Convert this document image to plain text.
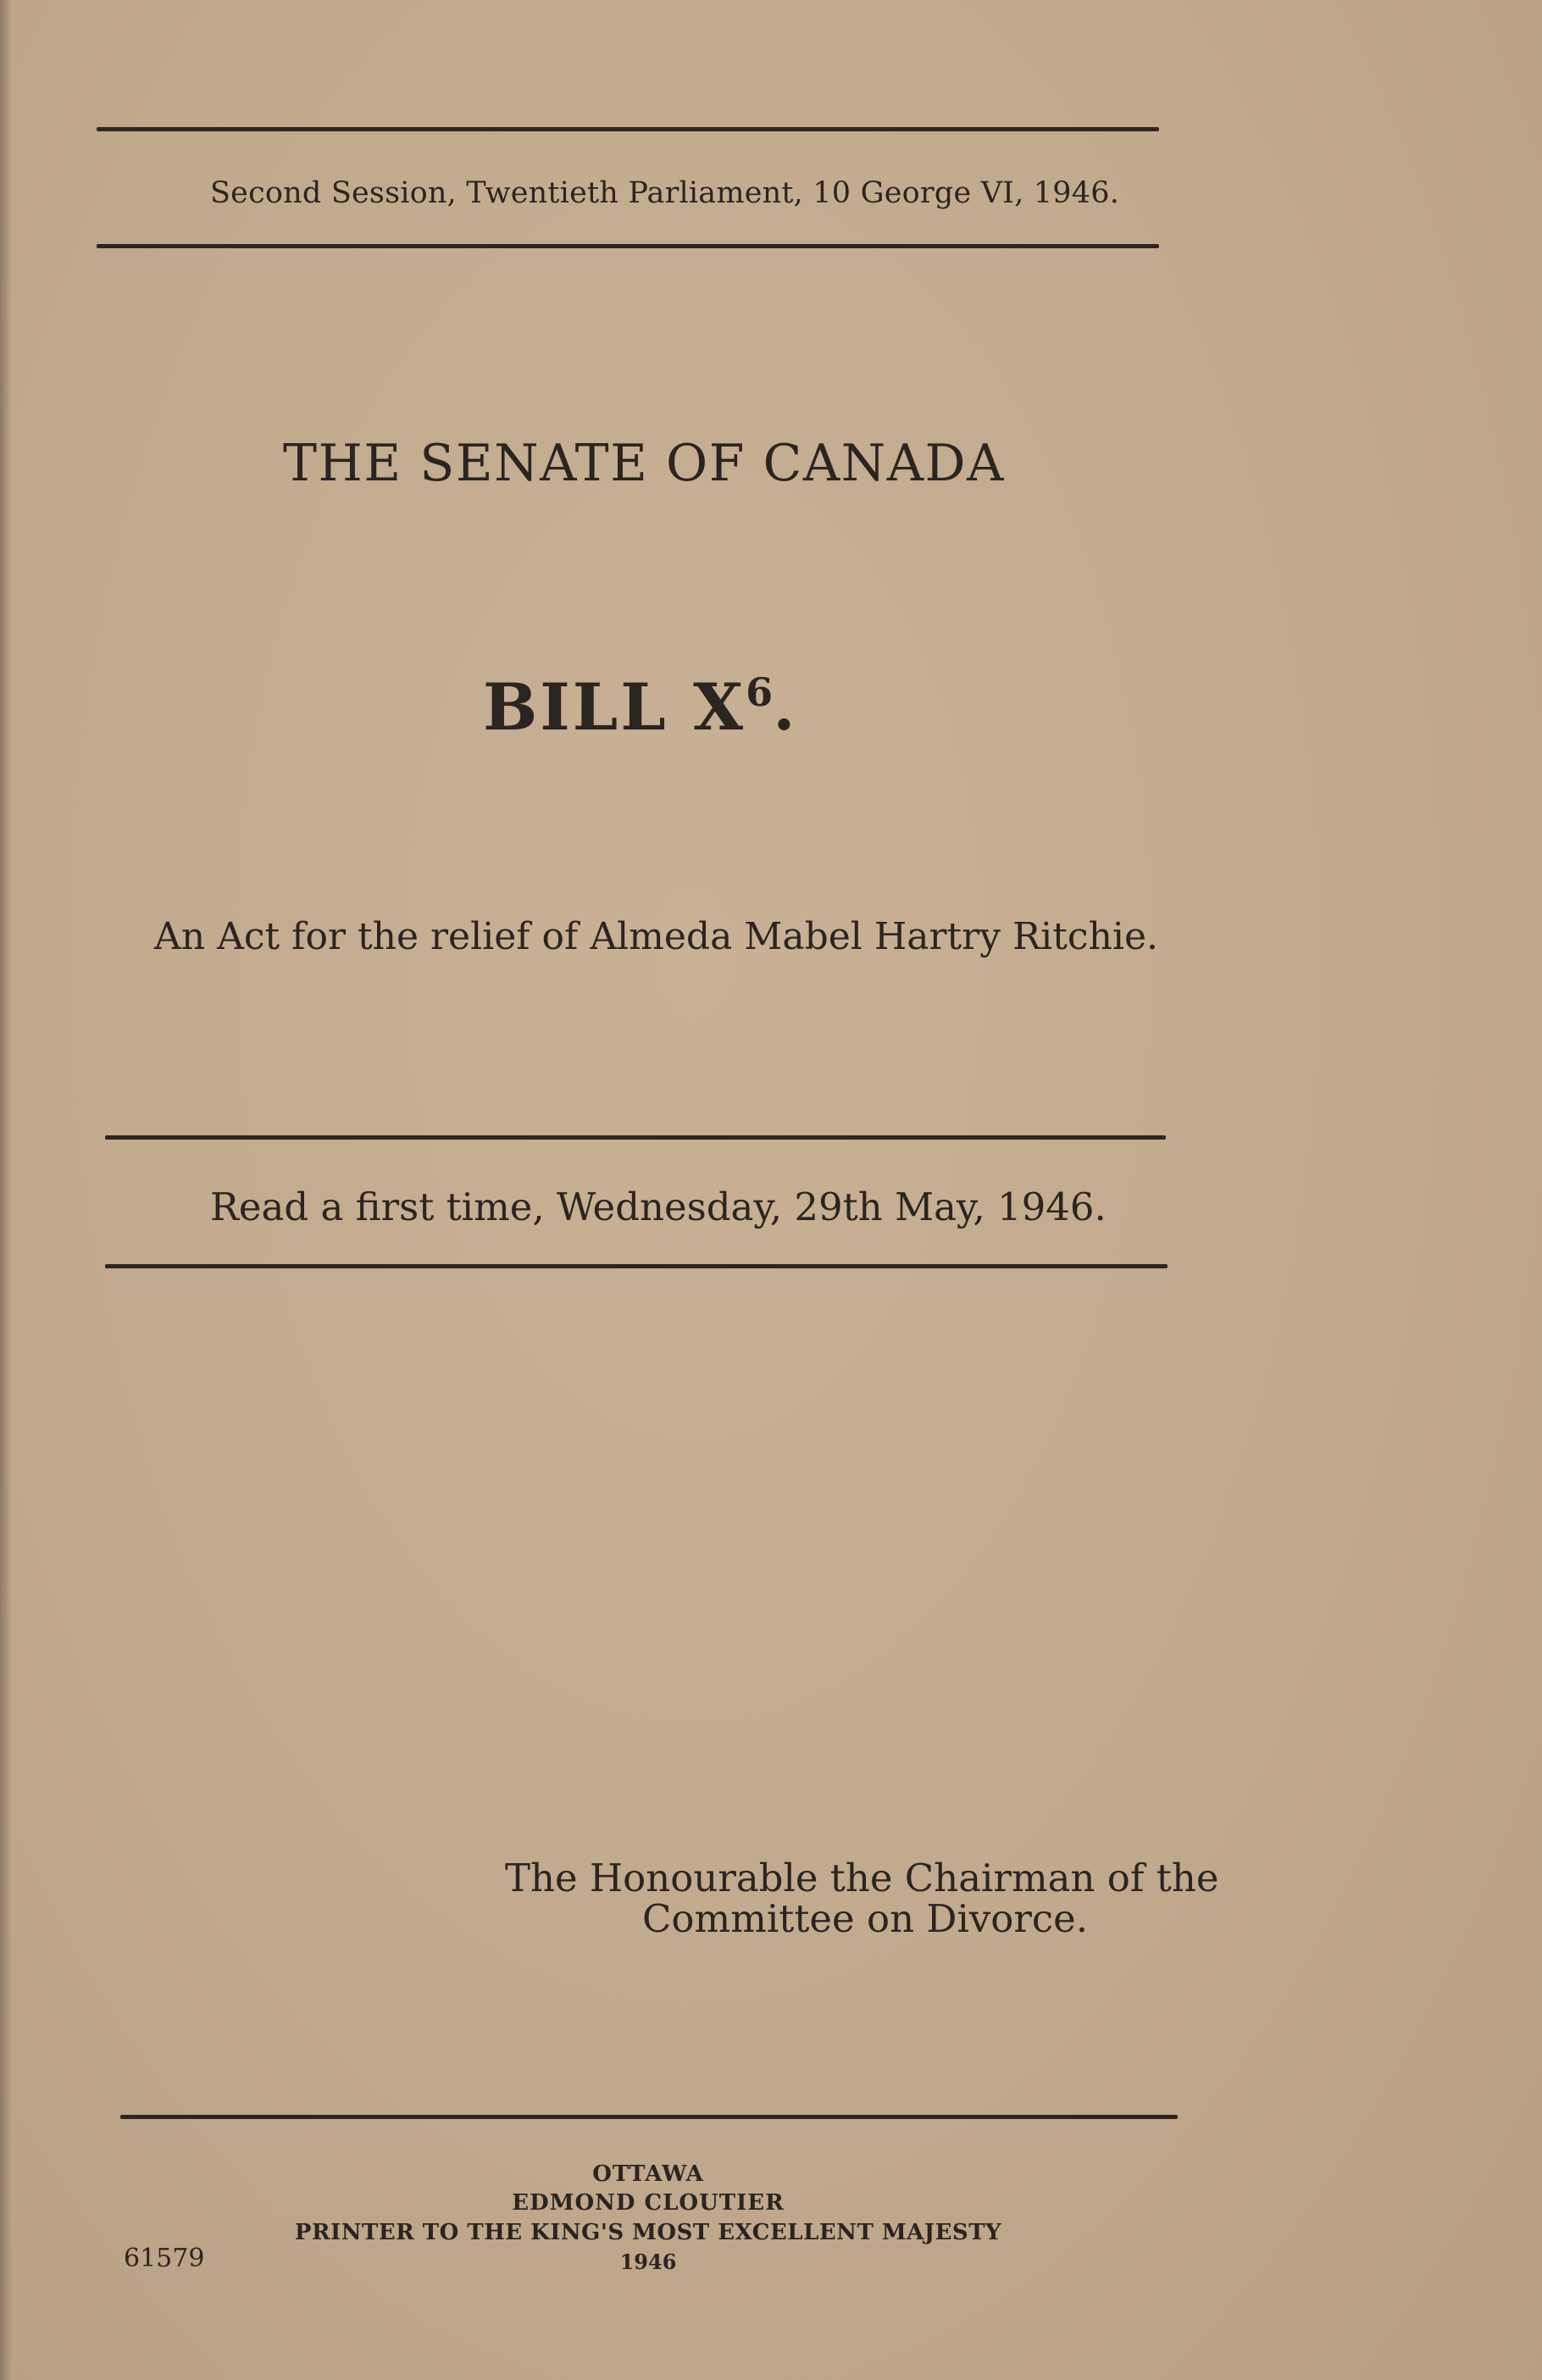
Second Session, Twentieth Parliament, 10 George VI, 1946.
THE SENATE OF CANADA
BILL $X^6$.
An Act for the relief of Almeda Mabel Hartry Ritchie.
Read a first time, Wednesday, 29th May, 1946.
The Honourable the Chairman of the
Committee on Divorce.
OTTAWA
EDMOND CLOUTIER
PRINTER TO THE KING'S MOST EXCELLENT MAJESTY
1946
61579
